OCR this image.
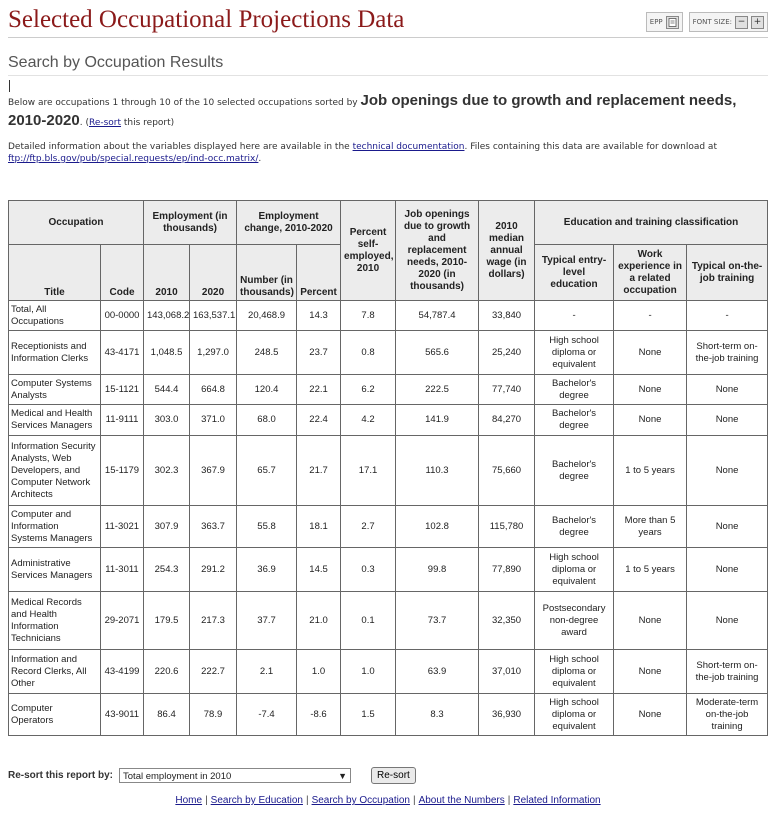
Selected Occupational Projections Data	EPP	FONT SIZE: − +
Search by Occupation Results
Below are occupations 1 through 10 of the 10 selected occupations sorted by Job openings due to growth and replacement needs, 2010-2020. (Re-sort this report)
Detailed information about the variables displayed here are available in the technical documentation. Files containing this data are available for download at
ftp://ftp.bls.gov/pub/special.requests/ep/ind-occ.matrix/.
Occupation		Employment (in thousands)		Employment change, 2010-2020		Percent self-employed, 2010	Job openings due to growth and replacement needs, 2010-2020 (in thousands)	2010 median annual wage (in dollars)	Education and training classification		
Title	Code	2010	2020	Number (in thousands)	Percent				Typical entry-level education	Work experience in a related occupation	Typical on-the-job training
Total, All Occupations	00-0000	143,068.2	163,537.1	20,468.9	14.3	7.8	54,787.4	33,840	-	-	-
Receptionists and Information Clerks	43-4171	1,048.5	1,297.0	248.5	23.7	0.8	565.6	25,240	High school diploma or equivalent	None	Short-term on-the-job training
Computer Systems Analysts	15-1121	544.4	664.8	120.4	22.1	6.2	222.5	77,740	Bachelor's degree	None	None
Medical and Health Services Managers	11-9111	303.0	371.0	68.0	22.4	4.2	141.9	84,270	Bachelor's degree	None	None
Information Security Analysts, Web Developers, and Computer Network Architects	15-1179	302.3	367.9	65.7	21.7	17.1	110.3	75,660	Bachelor's degree	1 to 5 years	None
Computer and Information Systems Managers	11-3021	307.9	363.7	55.8	18.1	2.7	102.8	115,780	Bachelor's degree	More than 5 years	None
Administrative Services Managers	11-3011	254.3	291.2	36.9	14.5	0.3	99.8	77,890	High school diploma or equivalent	1 to 5 years	None
Medical Records and Health Information Technicians	29-2071	179.5	217.3	37.7	21.0	0.1	73.7	32,350	Postsecondary non-degree award	None	None
Information and Record Clerks, All Other	43-4199	220.6	222.7	2.1	1.0	1.0	63.9	37,010	High school diploma or equivalent	None	Short-term on-the-job training
Computer Operators	43-9011	86.4	78.9	-7.4	-8.6	1.5	8.3	36,930	High school diploma or equivalent	None	Moderate-term on-the-job training
Re-sort this report by:	Total employment in 2010	▼	Re-sort
Home | Search by Education | Search by Occupation | About the Numbers | Related Information
